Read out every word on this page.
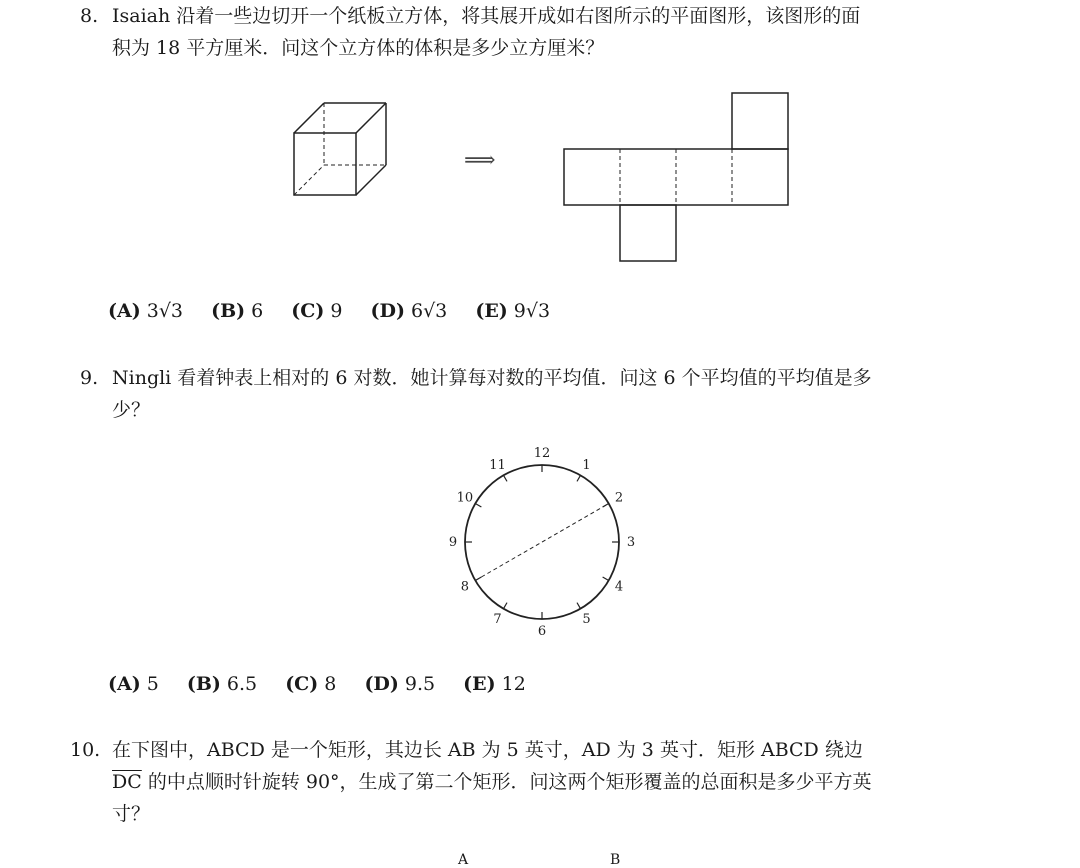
8. Isaiah 沿着一些边切开一个纸板立方体，将其展开成如右图所示的平面图形，该图形的面
积为 18 平方厘米．问这个立方体的体积是多少立方厘米？
⟹
(A) 3√3 (B) 6 (C) 9 (D) 6√3 (E) 9√3
9. Ningli 看着钟表上相对的 6 对数．她计算每对数的平均值．问这 6 个平均值的平均值是多
少？
12
1
2
3
4
5
6
7
8
9
10
11
(A) 5 (B) 6.5 (C) 8 (D) 9.5 (E) 12
10. 在下图中，ABCD 是一个矩形，其边长 AB 为 5 英寸，AD 为 3 英寸．矩形 ABCD 绕边
$\overline{DC}$ 的中点顺时针旋转 90°，生成了第二个矩形．问这两个矩形覆盖的总面积是多少平方英
寸？
A	B
